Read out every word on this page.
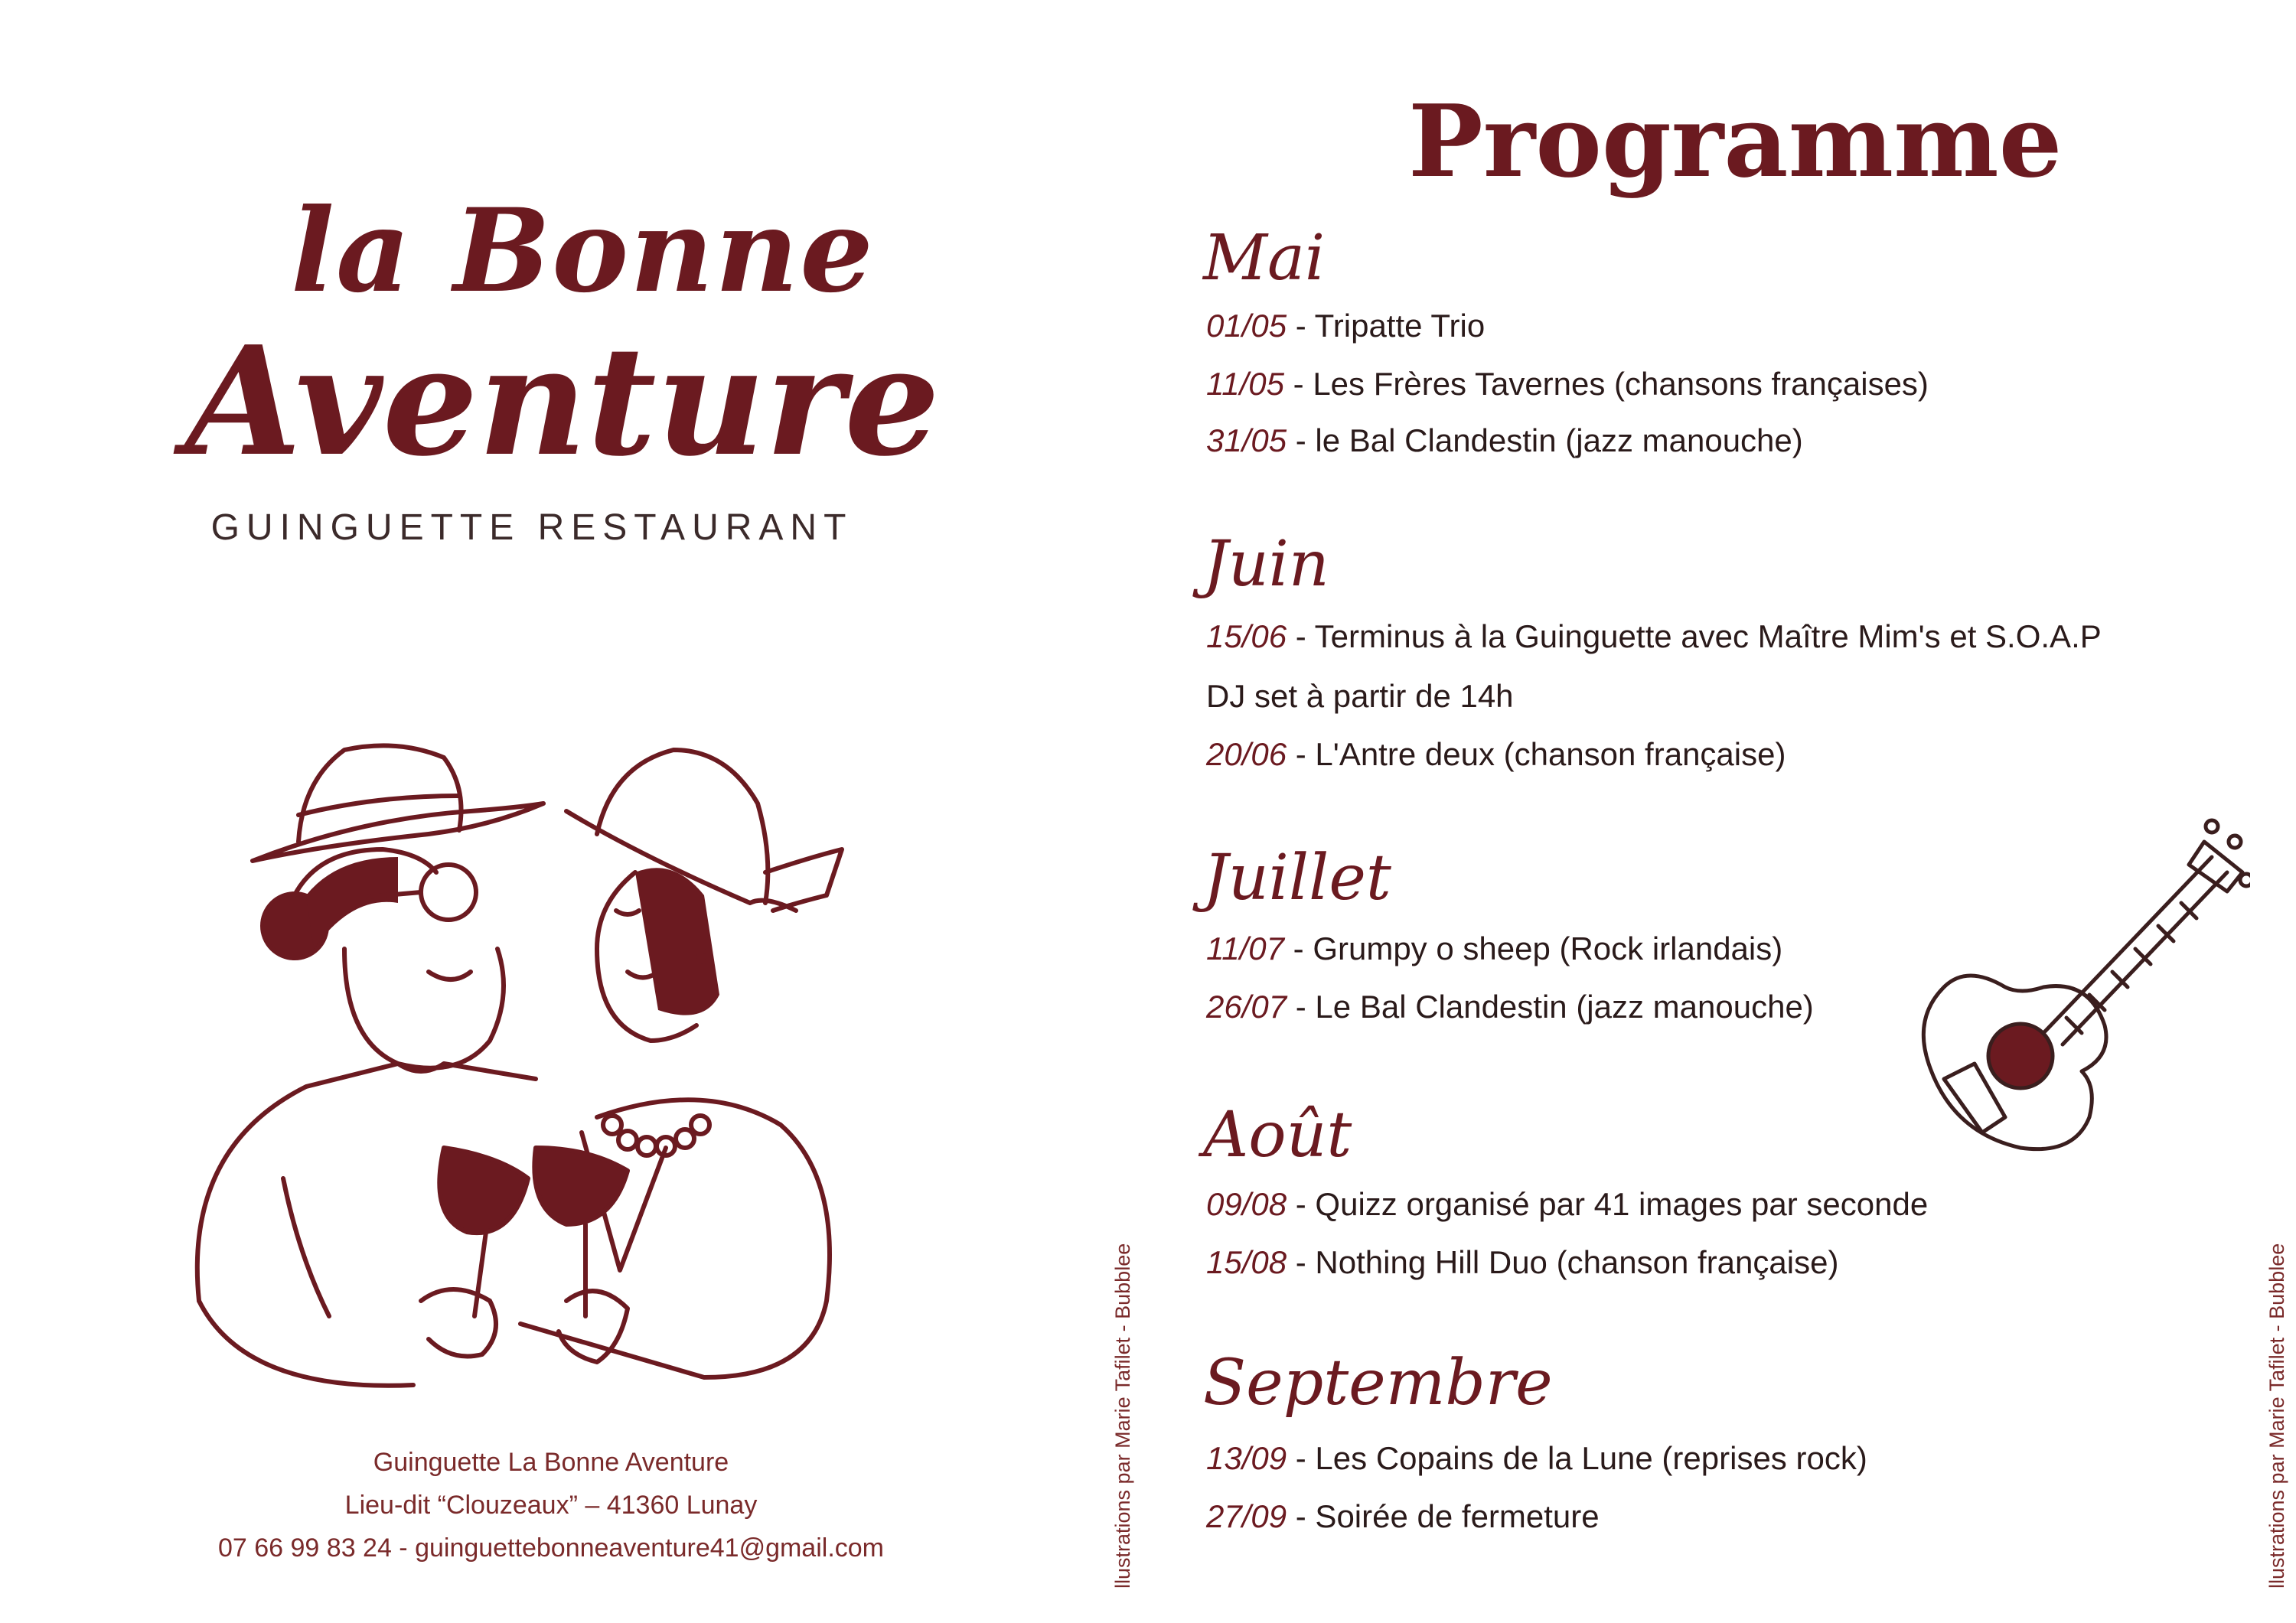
la Bonne
Aventure
GUINGUETTE RESTAURANT
Guinguette La Bonne Aventure
Lieu-dit “Clouzeaux” – 41360 Lunay
07 66 99 83 24 - guinguettebonneaventure41@gmail.com	llustrations par Marie Tafilet - Bubblee	llustrations par Marie Tafilet - Bubblee
Programme
Mai
01/05 - Tripatte Trio
11/05 - Les Frères Tavernes (chansons françaises)
31/05 - le Bal Clandestin (jazz manouche)
Juin
15/06 - Terminus à la Guinguette avec Maître Mim's et S.O.A.P
DJ set à partir de 14h
20/06 - L'Antre deux (chanson française)
Juillet
11/07 - Grumpy o sheep (Rock irlandais)
26/07 - Le Bal Clandestin (jazz manouche)
Août
09/08 - Quizz organisé par 41 images par seconde
15/08 - Nothing Hill Duo (chanson française)
Septembre
13/09 - Les Copains de la Lune (reprises rock)
27/09 - Soirée de fermeture
